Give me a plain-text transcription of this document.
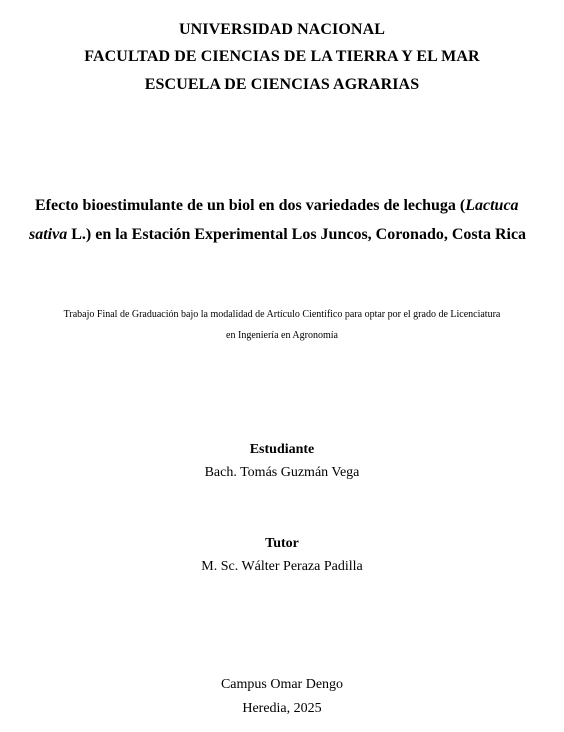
UNIVERSIDAD NACIONAL
FACULTAD DE CIENCIAS DE LA TIERRA Y EL MAR
ESCUELA DE CIENCIAS AGRARIAS
Efecto bioestimulante de un biol en dos variedades de lechuga (Lactuca
sativa L.) en la Estación Experimental Los Juncos, Coronado, Costa Rica
Trabajo Final de Graduación bajo la modalidad de Artículo Científico para optar por el grado de Licenciatura
en Ingeniería en Agronomía
Estudiante
Bach. Tomás Guzmán Vega
Tutor
M. Sc. Wálter Peraza Padilla
Campus Omar Dengo
Heredia, 2025
